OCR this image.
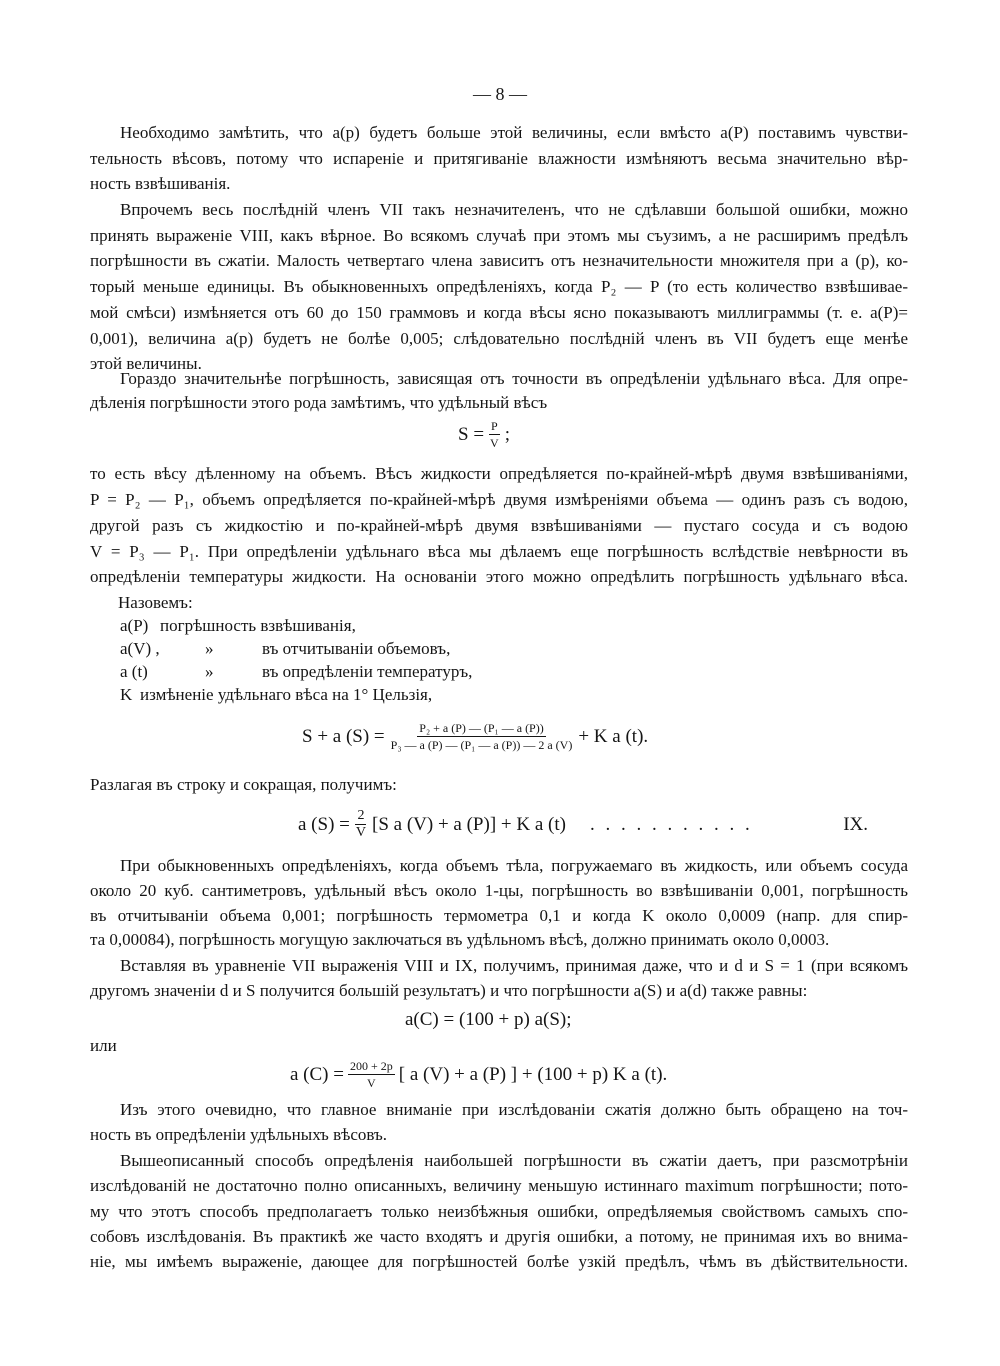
— 8 —
Необходимо замѣтить, что a(p) будетъ больше этой величины, если вмѣсто a(P) поставимъ чувстви-
тельность вѣсовъ, потому что испареніе и притягиваніе влажности измѣняютъ весьма значительно вѣр-
ность взвѣшиванія.
Впрочемъ весь послѣдній членъ VII такъ незначителенъ, что не сдѣлавши большой ошибки, можно
принять выраженіе VIII, какъ вѣрное. Во всякомъ случаѣ при этомъ мы съузимъ, а не расширимъ предѣлъ
погрѣшности въ сжатіи. Малость четвертаго члена зависитъ отъ незначительности множителя при a (p), ко-
торый меньше единицы. Въ обыкновенныхъ опредѣленіяхъ, когда P₂ — P (то есть количество взвѣшивае-
мой смѣси) измѣняется отъ 60 до 150 граммовъ и когда вѣсы ясно показываютъ миллиграммы (т. е. a(P)=
0,001), величина a(p) будетъ не болѣе 0,005; слѣдовательно послѣдній членъ въ VII будетъ еще менѣе
этой величины.
Гораздо значительнѣе погрѣшность, зависящая отъ точности въ опредѣленіи удѣльнаго вѣса. Для опре-
дѣленія погрѣшности этого рода замѣтимъ, что удѣльный вѣсъ
$S = \frac{P}{V}$ ;
то есть вѣсу дѣленному на объемъ. Вѣсъ жидкости опредѣляется по-крайней-мѣрѣ двумя взвѣшиваніями,
P = P₂ — P₁, объемъ опредѣляется по-крайней-мѣрѣ двумя измѣреніями объема — одинъ разъ съ водою,
другой разъ съ жидкостію и по-крайней-мѣрѣ двумя взвѣшиваніями — пустаго сосуда и съ водою
V = P₃ — P₁. При опредѣленіи удѣльнаго вѣса мы дѣлаемъ еще погрѣшность вслѣдствіе невѣрности въ
опредѣленіи температуры жидкости. На основаніи этого можно опредѣлить погрѣшность удѣльнаго вѣса.
Назовемъ:
a(P) погрѣшность взвѣшиванія,
a(V) ,	»	въ отчитываніи объемовъ,
a (t)	»	въ опредѣленіи температуръ,
K измѣненіе удѣльнаго вѣса на 1° Цельзія,
S + a $(S) = \frac{\text{P₂ + a (P) — (P₁ — a (P))}}{\text{P₃ — a (P) — (P₁ — a (P)) — 2 a (V)}} + K$ a (t).
Разлагая въ строку и сокращая, получимъ:
a $(S) = \frac{2}{V} [S$ a (V) + a (P)] + K a (t) . . . . . . . . . . .	IX.
При обыкновенныхъ опредѣленіяхъ, когда объемъ тѣла, погружаемаго въ жидкость, или объемъ сосуда
около 20 куб. сантиметровъ, удѣльный вѣсъ около 1-цы, погрѣшность во взвѣшиваніи 0,001, погрѣшность
въ отчитываніи объема 0,001; погрѣшность термометра 0,1 и когда K около 0,0009 (напр. для спир-
та 0,00084), погрѣшность могущую заключаться въ удѣльномъ вѣсѣ, должно принимать около 0,0003.
Вставляя въ уравненіе VII выраженія VIII и IX, получимъ, принимая даже, что и d и S = 1 (при всякомъ
другомъ значеніи d и S получится большій результатъ) и что погрѣшности a(S) и a(d) также равны:
a(C) = (100 + p) a(S);
или
a $(C) = \frac{200 + 2p}{V}$ [ a (V) + a (P) ] + (100 + p) K a (t).
Изъ этого очевидно, что главное вниманіе при изслѣдованіи сжатія должно быть обращено на точ-
ность въ опредѣленіи удѣльныхъ вѣсовъ.
Вышеописанный способъ опредѣленія наибольшей погрѣшности въ сжатіи даетъ, при разсмотрѣніи
изслѣдованій не достаточно полно описанныхъ, величину меньшую истиннаго maximum погрѣшности; пото-
му что этотъ способъ предполагаетъ только неизбѣжныя ошибки, опредѣляемыя свойствомъ самыхъ спо-
собовъ изслѣдованія. Въ практикѣ же часто входятъ и другія ошибки, а потому, не принимая ихъ во внима-
ніе, мы имѣемъ выраженіе, дающее для погрѣшностей болѣе узкій предѣлъ, чѣмъ въ дѣйствительности.
